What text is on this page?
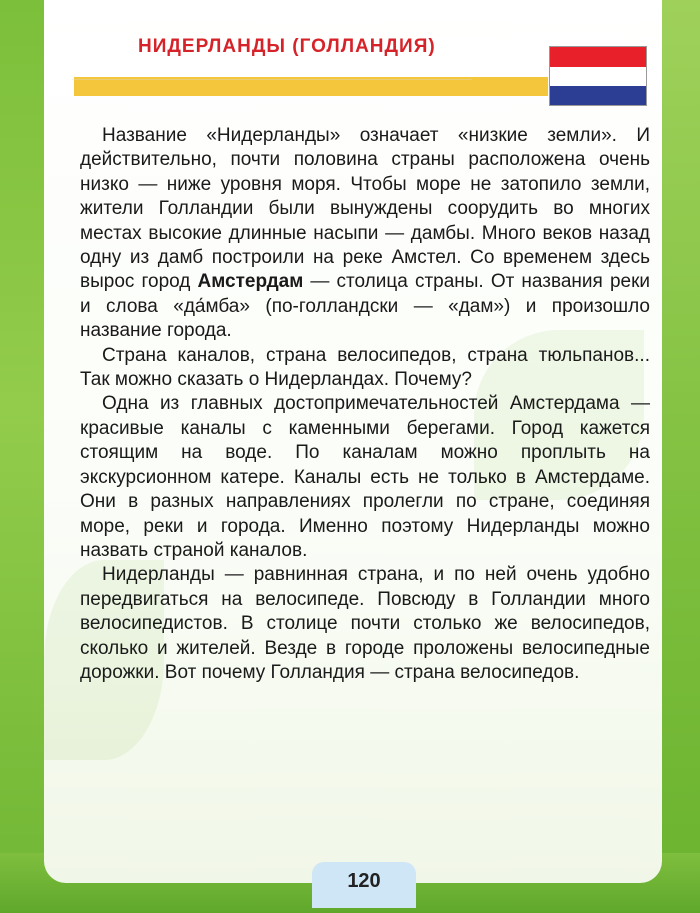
НИДЕРЛАНДЫ (ГОЛЛАНДИЯ)

Название «Нидерланды» означает «низкие земли». И действительно, почти половина страны расположена очень низко — ниже уровня моря. Чтобы море не затопило земли, жители Голландии были вынуждены соорудить во многих местах высокие длинные насыпи — дамбы. Много веков назад одну из дамб построили на реке Амстел. Со временем здесь вырос город Амстердам — столица страны. От названия реки и слова «да́мба» (по-голландски — «дам») и произошло название города.

Страна каналов, страна велосипедов, страна тюльпанов... Так можно сказать о Нидерландах. Почему?

Одна из главных достопримечательностей Амстердама — красивые каналы с каменными берегами. Город кажется стоящим на воде. По каналам можно проплыть на экскурсионном катере. Каналы есть не только в Амстердаме. Они в разных направлениях пролегли по стране, соединяя море, реки и города. Именно поэтому Нидерланды можно назвать страной каналов.

Нидерланды — равнинная страна, и по ней очень удобно передвигаться на велосипеде. Повсюду в Голландии много велосипедистов. В столице почти столько же велосипедов, сколько и жителей. Везде в городе проложены велосипедные дорожки. Вот почему Голландия — страна велосипедов.

120
